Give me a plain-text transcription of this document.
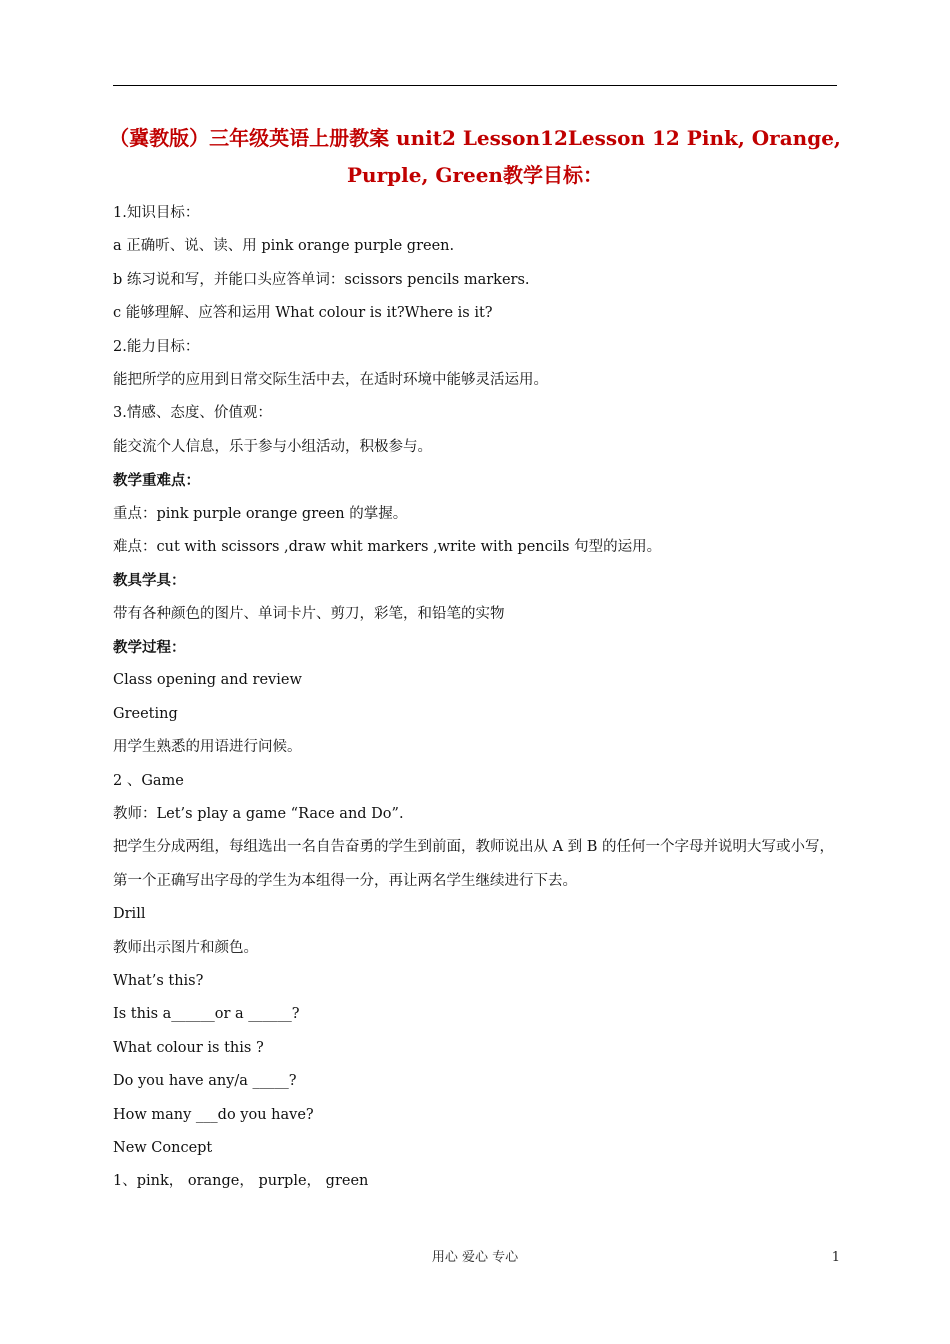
（冀教版）三年级英语上册教案 unit2 Lesson12Lesson 12 Pink, Orange, Purple, Green教学目标：
1.知识目标：
a 正确听、说、读、用 pink orange purple green.
b 练习说和写，并能口头应答单词：scissors pencils markers.
c 能够理解、应答和运用 What colour is it?Where is it?
2.能力目标：
能把所学的应用到日常交际生活中去，在适时环境中能够灵活运用。
3.情感、态度、价值观：
能交流个人信息，乐于参与小组活动，积极参与。
教学重难点：
重点：pink purple orange green 的掌握。
难点：cut with scissors ,draw whit markers ,write with pencils 句型的运用。
教具学具：
带有各种颜色的图片、单词卡片、剪刀，彩笔，和铅笔的实物
教学过程：
Class opening and review
Greeting
用学生熟悉的用语进行问候。
2 、Game
教师：Let’s play a game “Race and Do”.
把学生分成两组，每组选出一名自告奋勇的学生到前面，教师说出从 A 到 B 的任何一个字母并说明大写或小写，第一个正确写出字母的学生为本组得一分，再让两名学生继续进行下去。
Drill
教师出示图片和颜色。
What’s this?
Is this a______or a ______?
What colour is this ?
Do you have any/a _____?
How many ___do you have?
New Concept
1、pink， orange， purple， green
用心 爱心 专心	1
